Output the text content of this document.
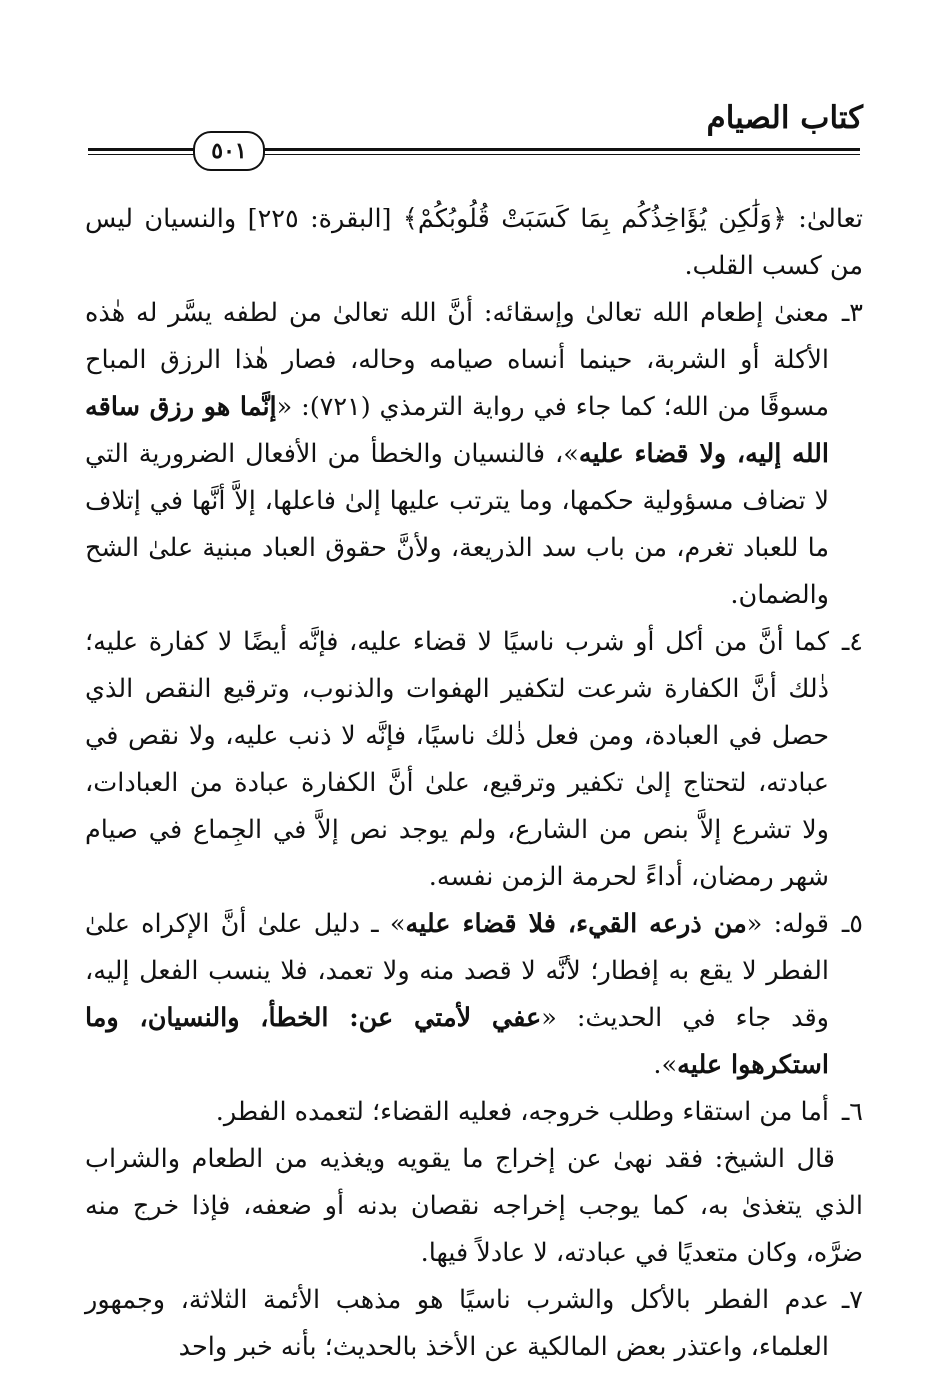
كتاب الصيام
٥٠١

تعالىٰ: ﴿وَلَٰكِن يُؤَاخِذُكُم بِمَا كَسَبَتْ قُلُوبُكُمْ﴾ [البقرة: ٢٢٥] والنسيان ليس من كسب القلب.

٣ـ
معنىٰ إطعام الله تعالىٰ وإسقائه: أنَّ الله تعالىٰ من لطفه يسَّر له هٰذه الأكلة أو الشربة، حينما أنساه صيامه وحاله، فصار هٰذا الرزق المباح مسوقًا من الله؛ كما جاء في رواية الترمذي (٧٢١): «إنَّما هو رزق ساقه الله إليه، ولا قضاء عليه»، فالنسيان والخطأ من الأفعال الضرورية التي لا تضاف مسؤولية حكمها، وما يترتب عليها إلىٰ فاعلها، إلاَّ أنَّها في إتلاف ما للعباد تغرم، من باب سد الذريعة، ولأنَّ حقوق العباد مبنية علىٰ الشح والضمان.

٤ـ
كما أنَّ من أكل أو شرب ناسيًا لا قضاء عليه، فإنَّه أيضًا لا كفارة عليه؛ ذٰلك أنَّ الكفارة شرعت لتكفير الهفوات والذنوب، وترقيع النقص الذي حصل في العبادة، ومن فعل ذٰلك ناسيًا، فإنَّه لا ذنب عليه، ولا نقص في عبادته، لتحتاج إلىٰ تكفير وترقيع، علىٰ أنَّ الكفارة عبادة من العبادات، ولا تشرع إلاَّ بنص من الشارع، ولم يوجد نص إلاَّ في الجِماع في صيام شهر رمضان، أداءً لحرمة الزمن نفسه.

٥ـ
قوله: «من ذرعه القيء، فلا قضاء عليه» ـ دليل علىٰ أنَّ الإكراه علىٰ الفطر لا يقع به إفطار؛ لأنَّه لا قصد منه ولا تعمد، فلا ينسب الفعل إليه، وقد جاء في الحديث: «عفي لأمتي عن: الخطأ، والنسيان، وما استكرهوا عليه».

٦ـ
أما من استقاء وطلب خروجه، فعليه القضاء؛ لتعمده الفطر.

قال الشيخ: فقد نهىٰ عن إخراج ما يقويه ويغذيه من الطعام والشراب الذي يتغذىٰ به، كما يوجب إخراجه نقصان بدنه أو ضعفه، فإذا خرج منه ضرَّه، وكان متعديًا في عبادته، لا عادلاً فيها.

٧ـ
عدم الفطر بالأكل والشرب ناسيًا هو مذهب الأئمة الثلاثة، وجمهور العلماء، واعتذر بعض المالكية عن الأخذ بالحديث؛ بأنه خبر واحد
